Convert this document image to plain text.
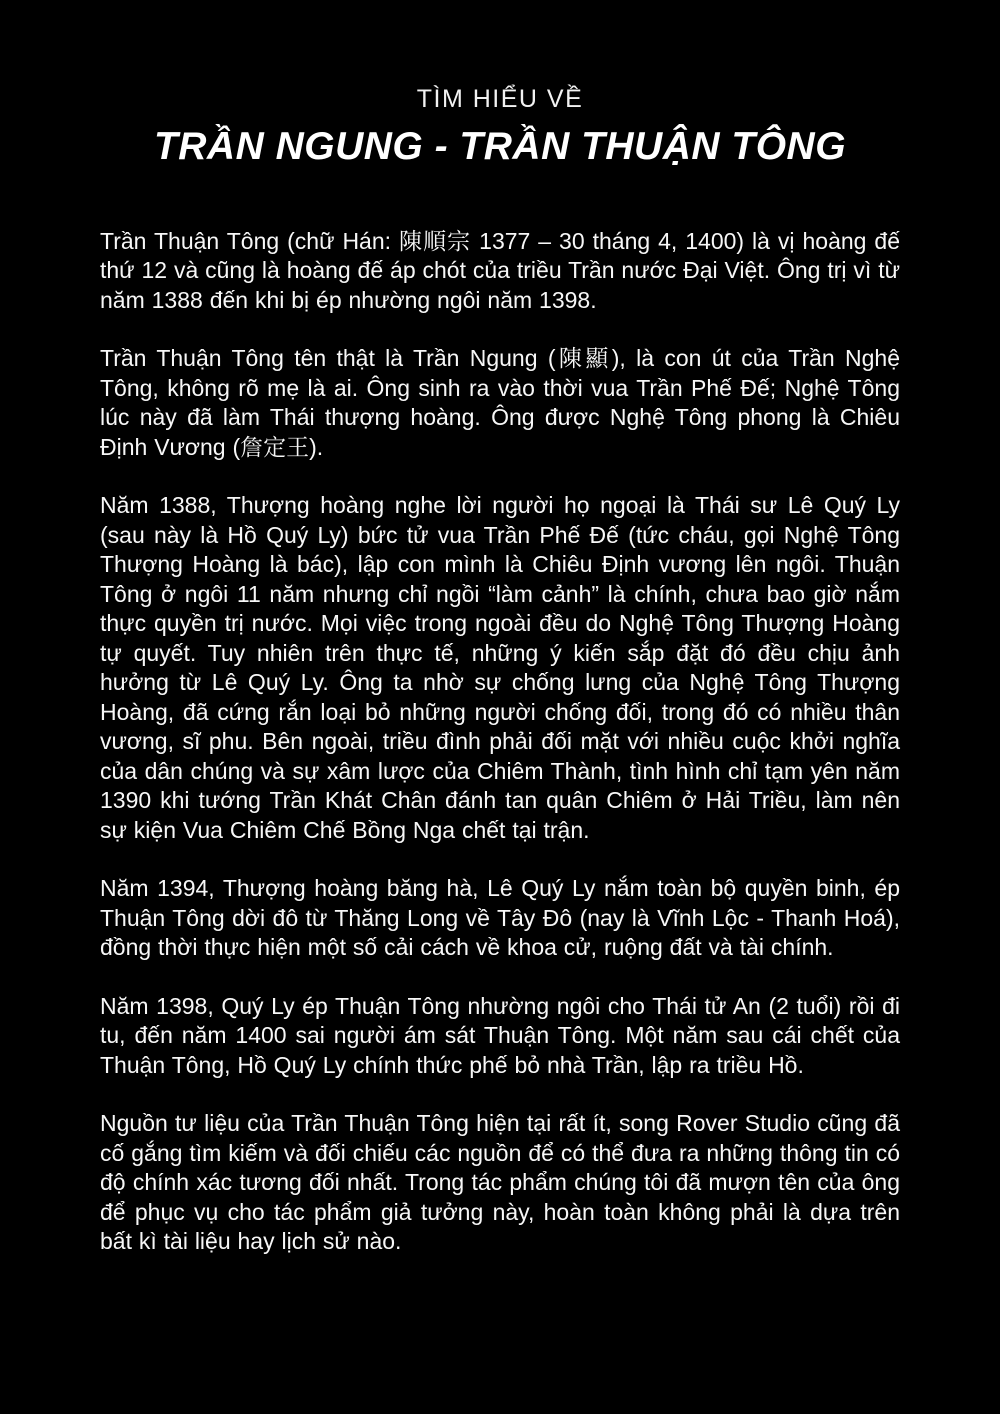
TÌM HIỂU VỀ
TRẦN NGUNG - TRẦN THUẬN TÔNG

Trần Thuận Tông (chữ Hán: 陳順宗 1377 – 30 tháng 4, 1400) là vị hoàng đế thứ 12 và cũng là hoàng đế áp chót của triều Trần nước Đại Việt. Ông trị vì từ năm 1388 đến khi bị ép nhường ngôi năm 1398.

Trần Thuận Tông tên thật là Trần Ngung (陳顯), là con út của Trần Nghệ Tông, không rõ mẹ là ai. Ông sinh ra vào thời vua Trần Phế Đế; Nghệ Tông lúc này đã làm Thái thượng hoàng. Ông được Nghệ Tông phong là Chiêu Định Vương (詹定王).

Năm 1388, Thượng hoàng nghe lời người họ ngoại là Thái sư Lê Quý Ly (sau này là Hồ Quý Ly) bức tử vua Trần Phế Đế (tức cháu, gọi Nghệ Tông Thượng Hoàng là bác), lập con mình là Chiêu Định vương lên ngôi. Thuận Tông ở ngôi 11 năm nhưng chỉ ngồi “làm cảnh” là chính, chưa bao giờ nắm thực quyền trị nước. Mọi việc trong ngoài đều do Nghệ Tông Thượng Hoàng tự quyết. Tuy nhiên trên thực tế, những ý kiến sắp đặt đó đều chịu ảnh hưởng từ Lê Quý Ly. Ông ta nhờ sự chống lưng của Nghệ Tông Thượng Hoàng, đã cứng rắn loại bỏ những người chống đối, trong đó có nhiều thân vương, sĩ phu. Bên ngoài, triều đình phải đối mặt với nhiều cuộc khởi nghĩa của dân chúng và sự xâm lược của Chiêm Thành, tình hình chỉ tạm yên năm 1390 khi tướng Trần Khát Chân đánh tan quân Chiêm ở Hải Triều, làm nên sự kiện Vua Chiêm Chế Bồng Nga chết tại trận.

Năm 1394, Thượng hoàng băng hà, Lê Quý Ly nắm toàn bộ quyền binh, ép Thuận Tông dời đô từ Thăng Long về Tây Đô (nay là Vĩnh Lộc - Thanh Hoá), đồng thời thực hiện một số cải cách về khoa cử, ruộng đất và tài chính.

Năm 1398, Quý Ly ép Thuận Tông nhường ngôi cho Thái tử An (2 tuổi) rồi đi tu, đến năm 1400 sai người ám sát Thuận Tông. Một năm sau cái chết của Thuận Tông, Hồ Quý Ly chính thức phế bỏ nhà Trần, lập ra triều Hồ.

Nguồn tư liệu của Trần Thuận Tông hiện tại rất ít, song Rover Studio cũng đã cố gắng tìm kiếm và đối chiếu các nguồn để có thể đưa ra những thông tin có độ chính xác tương đối nhất. Trong tác phẩm chúng tôi đã mượn tên của ông để phục vụ cho tác phẩm giả tưởng này, hoàn toàn không phải là dựa trên bất kì tài liệu hay lịch sử nào.
